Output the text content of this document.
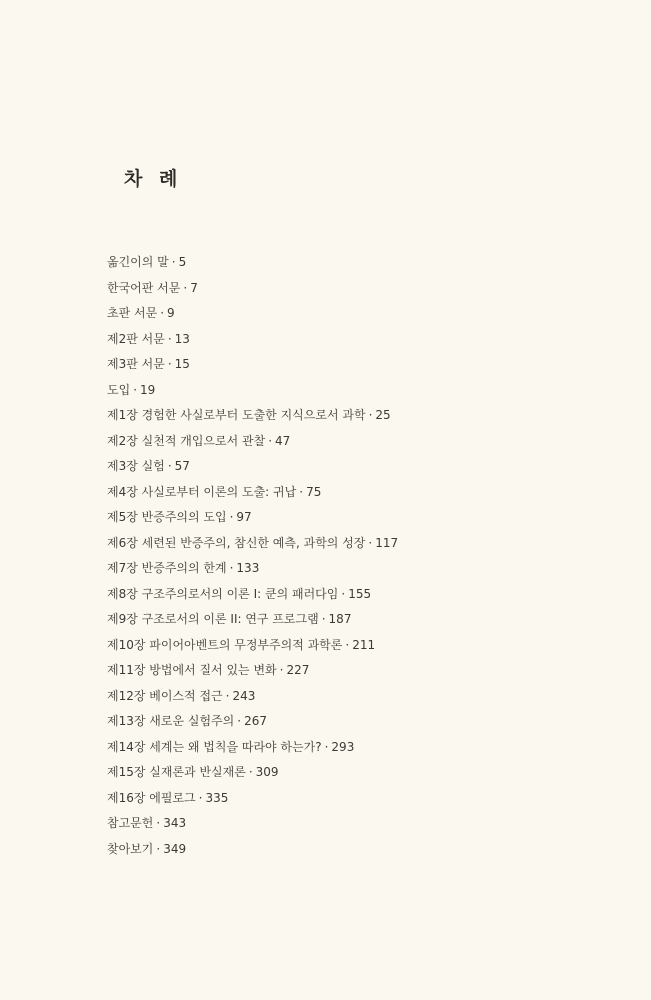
차 례
옮긴이의 말 · 5
한국어판 서문 · 7
초판 서문 · 9
제2판 서문 · 13
제3판 서문 · 15
도입 · 19
제1장 경험한 사실로부터 도출한 지식으로서 과학 · 25
제2장 실천적 개입으로서 관찰 · 47
제3장 실험 · 57
제4장 사실로부터 이론의 도출: 귀납 · 75
제5장 반증주의의 도입 · 97
제6장 세련된 반증주의, 참신한 예측, 과학의 성장 · 117
제7장 반증주의의 한계 · 133
제8장 구조주의로서의 이론 I: 쿤의 패러다임 · 155
제9장 구조로서의 이론 II: 연구 프로그램 · 187
제10장 파이어아벤트의 무정부주의적 과학론 · 211
제11장 방법에서 질서 있는 변화 · 227
제12장 베이스적 접근 · 243
제13장 새로운 실험주의 · 267
제14장 세계는 왜 법칙을 따라야 하는가? · 293
제15장 실재론과 반실재론 · 309
제16장 에필로그 · 335
참고문헌 · 343
찾아보기 · 349
